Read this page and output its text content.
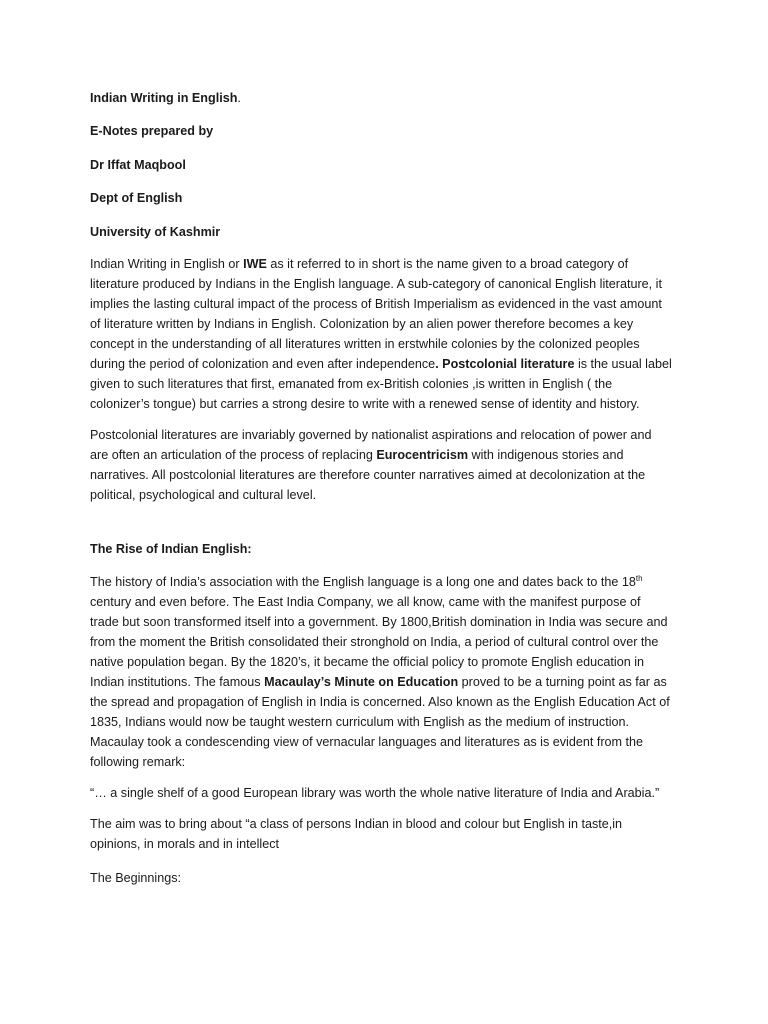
Indian Writing in English.
E-Notes prepared by
Dr Iffat Maqbool
Dept of English
University of Kashmir
Indian Writing in English or IWE as it referred to in short is the name given to a broad category of
literature produced by Indians in the English language. A sub-category of canonical English literature, it
implies the lasting cultural impact of the process of British Imperialism as evidenced in the vast amount
of literature written by Indians in English. Colonization by an alien power therefore becomes a key
concept in the understanding of all literatures written in erstwhile colonies by the colonized peoples
during the period of colonization and even after independence. Postcolonial literature is the usual label
given to such literatures that first, emanated from ex-British colonies ,is written in English ( the
colonizer’s tongue) but carries a strong desire to write with a renewed sense of identity and history.
Postcolonial literatures are invariably governed by nationalist aspirations and relocation of power and
are often an articulation of the process of replacing Eurocentricism with indigenous stories and
narratives. All postcolonial literatures are therefore counter narratives aimed at decolonization at the
political, psychological and cultural level.
The Rise of Indian English:
The history of India’s association with the English language is a long one and dates back to the 18th
century and even before. The East India Company, we all know, came with the manifest purpose of
trade but soon transformed itself into a government. By 1800,British domination in India was secure and
from the moment the British consolidated their stronghold on India, a period of cultural control over the
native population began. By the 1820’s, it became the official policy to promote English education in
Indian institutions. The famous Macaulay’s Minute on Education proved to be a turning point as far as
the spread and propagation of English in India is concerned. Also known as the English Education Act of
1835, Indians would now be taught western curriculum with English as the medium of instruction.
Macaulay took a condescending view of vernacular languages and literatures as is evident from the
following remark:
“… a single shelf of a good European library was worth the whole native literature of India and Arabia.”
The aim was to bring about “a class of persons Indian in blood and colour but English in taste,in
opinions, in morals and in intellect
The Beginnings:
